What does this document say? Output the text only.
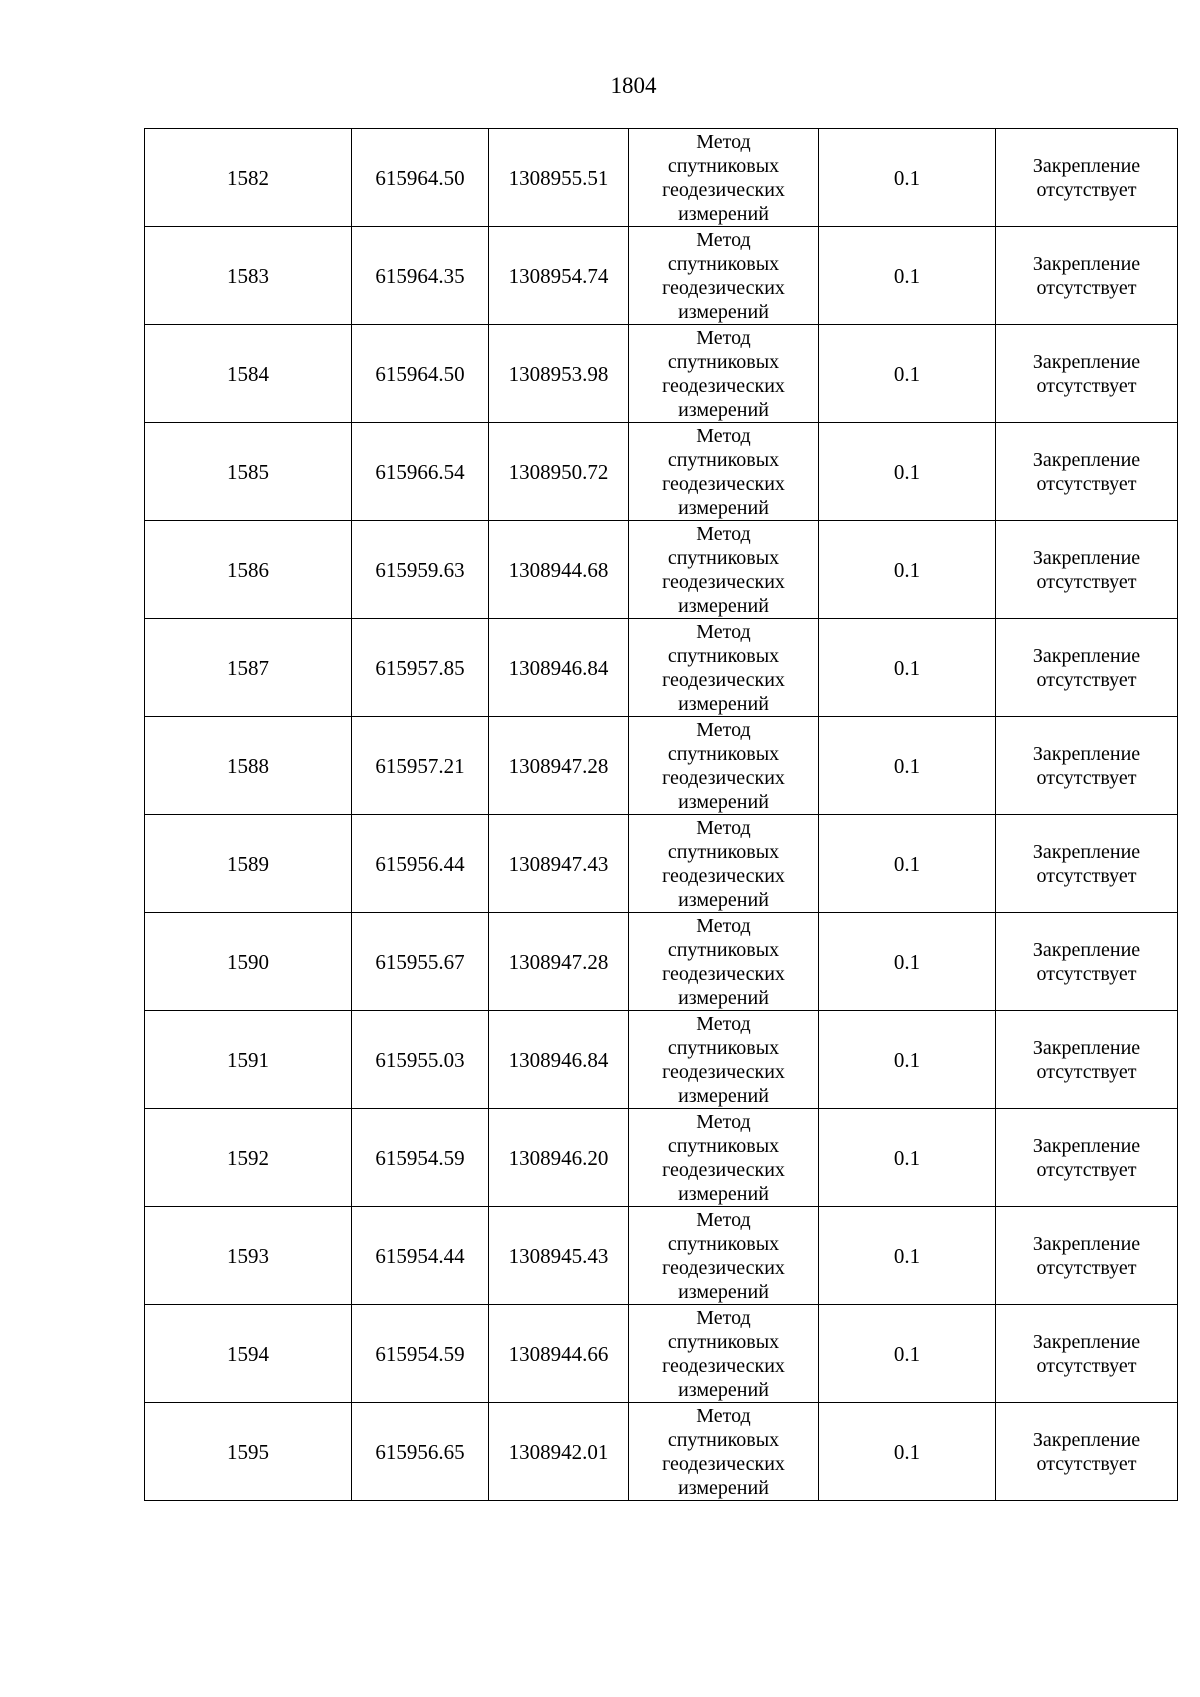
1804
1582	615964.50	1308955.51	Метод
спутниковых
геодезических
измерений	0.1	Закрепление
отсутствует

1583	615964.35	1308954.74	Метод
спутниковых
геодезических
измерений	0.1	Закрепление
отсутствует

1584	615964.50	1308953.98	Метод
спутниковых
геодезических
измерений	0.1	Закрепление
отсутствует

1585	615966.54	1308950.72	Метод
спутниковых
геодезических
измерений	0.1	Закрепление
отсутствует

1586	615959.63	1308944.68	Метод
спутниковых
геодезических
измерений	0.1	Закрепление
отсутствует

1587	615957.85	1308946.84	Метод
спутниковых
геодезических
измерений	0.1	Закрепление
отсутствует

1588	615957.21	1308947.28	Метод
спутниковых
геодезических
измерений	0.1	Закрепление
отсутствует

1589	615956.44	1308947.43	Метод
спутниковых
геодезических
измерений	0.1	Закрепление
отсутствует

1590	615955.67	1308947.28	Метод
спутниковых
геодезических
измерений	0.1	Закрепление
отсутствует

1591	615955.03	1308946.84	Метод
спутниковых
геодезических
измерений	0.1	Закрепление
отсутствует

1592	615954.59	1308946.20	Метод
спутниковых
геодезических
измерений	0.1	Закрепление
отсутствует

1593	615954.44	1308945.43	Метод
спутниковых
геодезических
измерений	0.1	Закрепление
отсутствует

1594	615954.59	1308944.66	Метод
спутниковых
геодезических
измерений	0.1	Закрепление
отсутствует

1595	615956.65	1308942.01	Метод
спутниковых
геодезических
измерений	0.1	Закрепление
отсутствует
